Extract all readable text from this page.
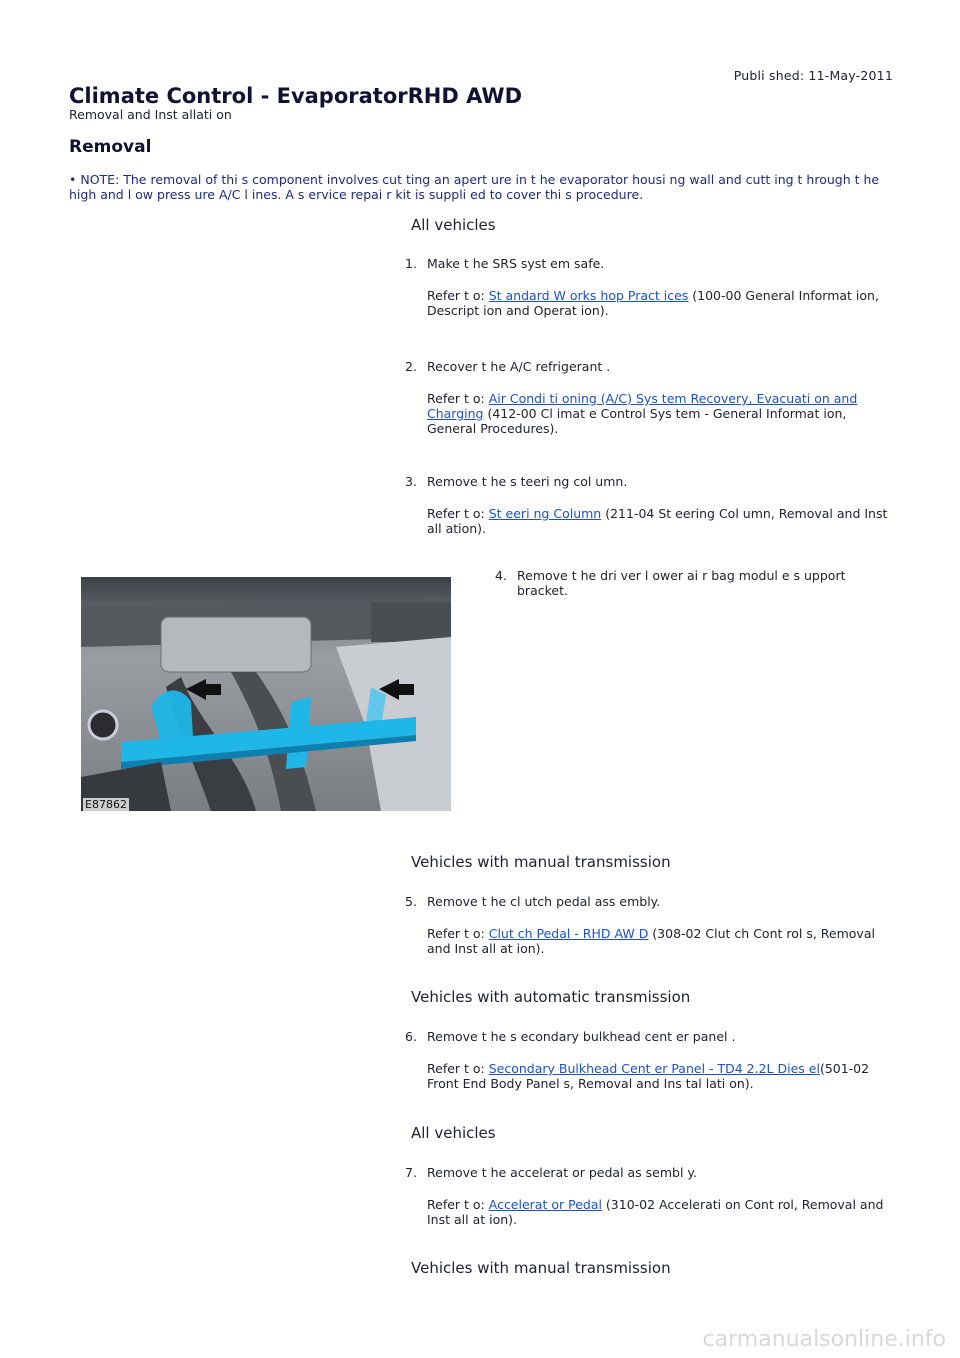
Publi shed: 11-May-2011
Climate Control - EvaporatorRHD AWD
Removal and Inst allati on
Removal
• NOTE: The removal of thi s component involves cut ting an apert ure in t he evaporator housi ng wall and cutt ing t hrough t he high and l ow press ure A/C l ines. A s ervice repai r kit is suppli ed to cover thi s procedure.
All vehicles
1. Make t he SRS syst em safe.
Refer t o: St andard W orks hop Pract ices (100-00 General Informat ion, Descript ion and Operat ion).
2. Recover t he A/C refrigerant .
Refer t o: Air Condi ti oning (A/C) Sys tem Recovery, Evacuati on and Charging (412-00 Cl imat e Control Sys tem - General Informat ion, General Procedures).
3. Remove t he s teeri ng col umn.
Refer t o: St eeri ng Column (211-04 St eering Col umn, Removal and Inst all ation).
4. Remove t he dri ver l ower ai r bag modul e s upport bracket.
E87862
Vehicles with manual transmission
5. Remove t he cl utch pedal ass embly.
Refer t o: Clut ch Pedal - RHD AW D (308-02 Clut ch Cont rol s, Removal and Inst all at ion).
Vehicles with automatic transmission
6. Remove t he s econdary bulkhead cent er panel .
Refer t o: Secondary Bulkhead Cent er Panel - TD4 2.2L Dies el(501-02 Front End Body Panel s, Removal and Ins tal lati on).
All vehicles
7. Remove t he accelerat or pedal as sembl y.
Refer t o: Accelerat or Pedal (310-02 Accelerati on Cont rol, Removal and Inst all at ion).
Vehicles with manual transmission
carmanualsonline.info
